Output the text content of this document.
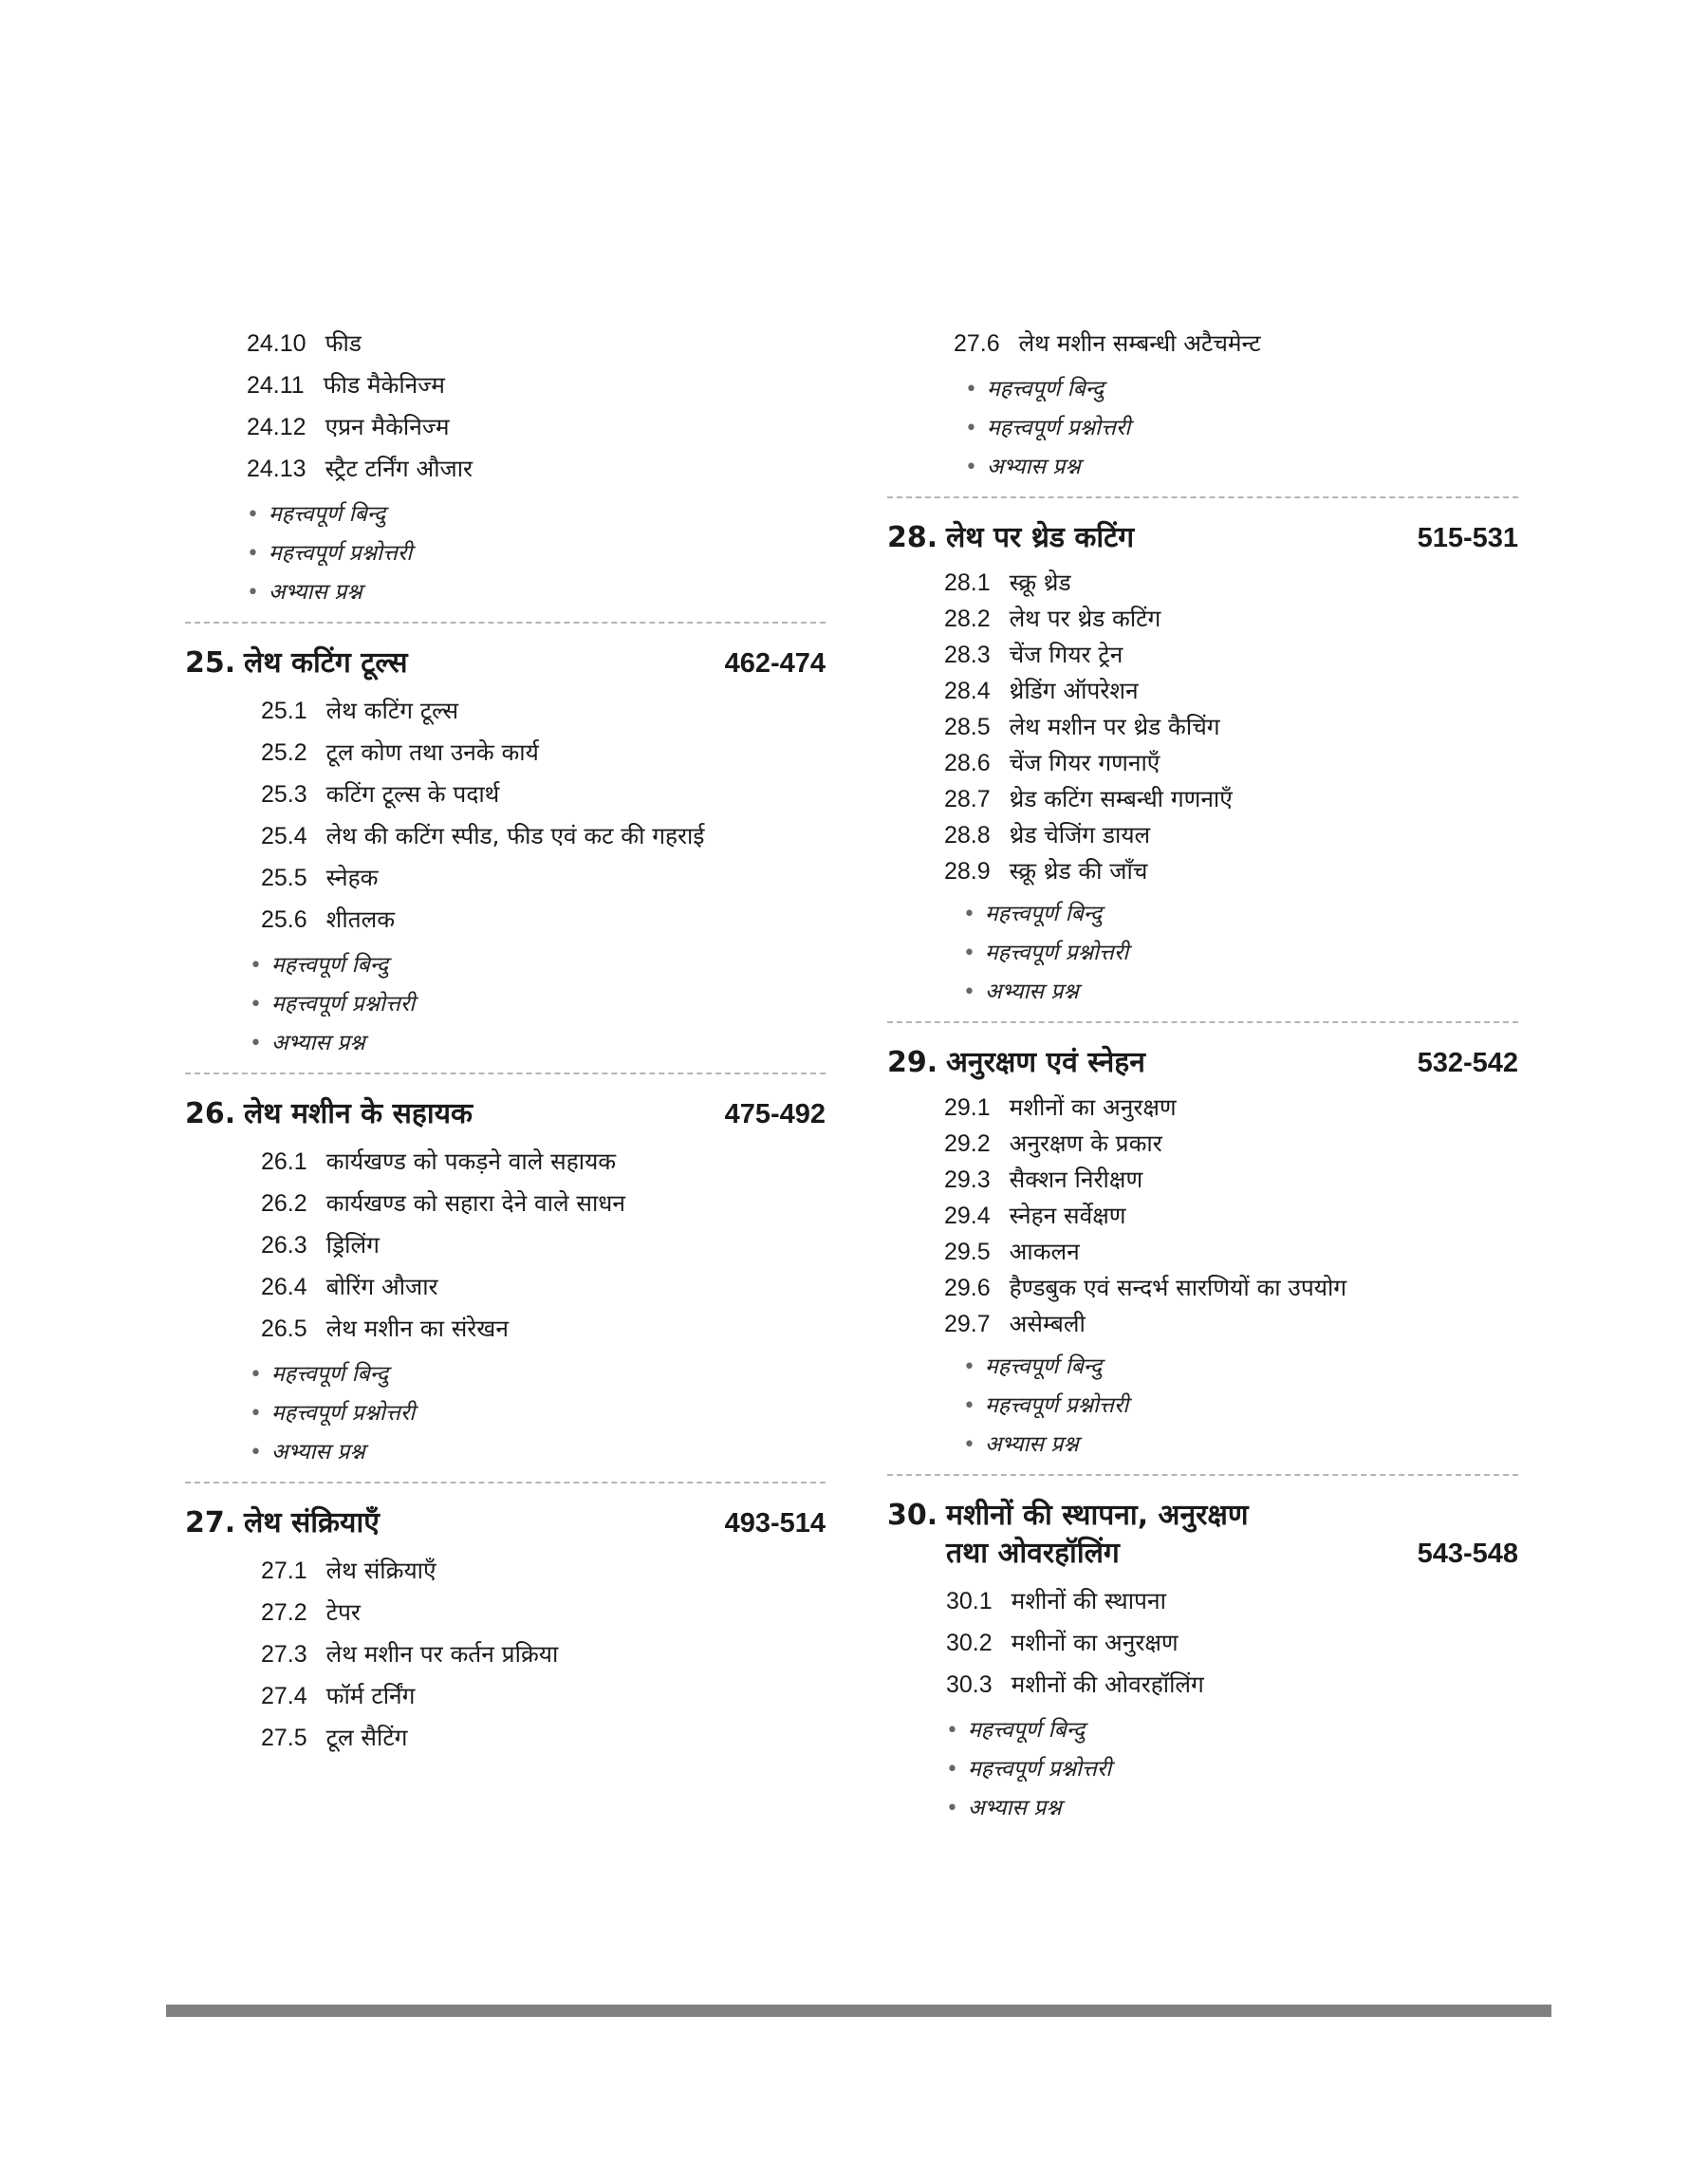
24.10 फीड
24.11 फीड मैकेनिज्म
24.12 एप्रन मैकेनिज्म
24.13 स्ट्रैट टर्निंग औजार
• महत्त्वपूर्ण बिन्दु
• महत्त्वपूर्ण प्रश्नोत्तरी
• अभ्यास प्रश्न
25. लेथ कटिंग टूल्स	462-474
25.1 लेथ कटिंग टूल्स
25.2 टूल कोण तथा उनके कार्य
25.3 कटिंग टूल्स के पदार्थ
25.4 लेथ की कटिंग स्पीड, फीड एवं कट की गहराई
25.5 स्नेहक
25.6 शीतलक
• महत्त्वपूर्ण बिन्दु
• महत्त्वपूर्ण प्रश्नोत्तरी
• अभ्यास प्रश्न
26. लेथ मशीन के सहायक	475-492
26.1 कार्यखण्ड को पकड़ने वाले सहायक
26.2 कार्यखण्ड को सहारा देने वाले साधन
26.3 ड्रिलिंग
26.4 बोरिंग औजार
26.5 लेथ मशीन का संरेखन
• महत्त्वपूर्ण बिन्दु
• महत्त्वपूर्ण प्रश्नोत्तरी
• अभ्यास प्रश्न
27. लेथ संक्रियाएँ	493-514
27.1 लेथ संक्रियाएँ
27.2 टेपर
27.3 लेथ मशीन पर कर्तन प्रक्रिया
27.4 फॉर्म टर्निंग
27.5 टूल सैटिंग
27.6 लेथ मशीन सम्बन्धी अटैचमेन्ट
• महत्त्वपूर्ण बिन्दु
• महत्त्वपूर्ण प्रश्नोत्तरी
• अभ्यास प्रश्न
28. लेथ पर थ्रेड कटिंग	515-531
28.1 स्क्रू थ्रेड
28.2 लेथ पर थ्रेड कटिंग
28.3 चेंज गियर ट्रेन
28.4 थ्रेडिंग ऑपरेशन
28.5 लेथ मशीन पर थ्रेड कैचिंग
28.6 चेंज गियर गणनाएँ
28.7 थ्रेड कटिंग सम्बन्धी गणनाएँ
28.8 थ्रेड चेजिंग डायल
28.9 स्क्रू थ्रेड की जाँच
• महत्त्वपूर्ण बिन्दु
• महत्त्वपूर्ण प्रश्नोत्तरी
• अभ्यास प्रश्न
29. अनुरक्षण एवं स्नेहन	532-542
29.1 मशीनों का अनुरक्षण
29.2 अनुरक्षण के प्रकार
29.3 सैक्शन निरीक्षण
29.4 स्नेहन सर्वेक्षण
29.5 आकलन
29.6 हैण्डबुक एवं सन्दर्भ सारणियों का उपयोग
29.7 असेम्बली
• महत्त्वपूर्ण बिन्दु
• महत्त्वपूर्ण प्रश्नोत्तरी
• अभ्यास प्रश्न
30. मशीनों की स्थापना, अनुरक्षण
तथा ओवरहॉलिंग	543-548
30.1 मशीनों की स्थापना
30.2 मशीनों का अनुरक्षण
30.3 मशीनों की ओवरहॉलिंग
• महत्त्वपूर्ण बिन्दु
• महत्त्वपूर्ण प्रश्नोत्तरी
• अभ्यास प्रश्न
